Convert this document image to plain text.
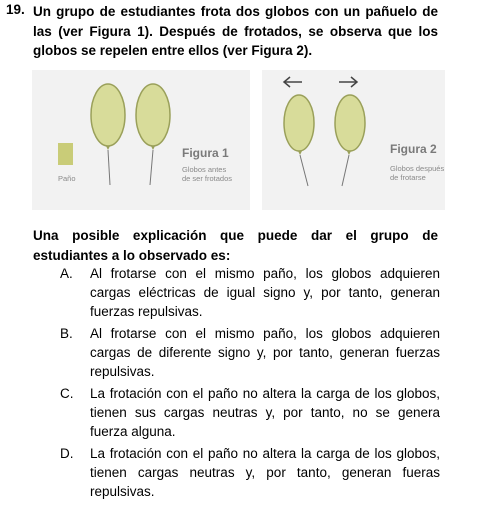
19. Un grupo de estudiantes frota dos globos con un pañuelo de las (ver Figura 1). Después de frotados, se observa que los globos se repelen entre ellos (ver Figura 2).
Paño
Figura 1
Globos antes
de ser frotados
Figura 2
Globos después
de frotarse
Una posible explicación que puede dar el grupo de estudiantes a lo observado es:
A. Al frotarse con el mismo paño, los globos adquieren cargas eléctricas de igual signo y, por tanto, generan fuerzas repulsivas.
B. Al frotarse con el mismo paño, los globos adquieren cargas de diferente signo y, por tanto, generan fuerzas repulsivas.
C. La frotación con el paño no altera la carga de los globos, tienen sus cargas neutras y, por tanto, no se genera fuerza alguna.
D. La frotación con el paño no altera la carga de los globos, tienen cargas neutras y, por tanto, generan fueras repulsivas.
